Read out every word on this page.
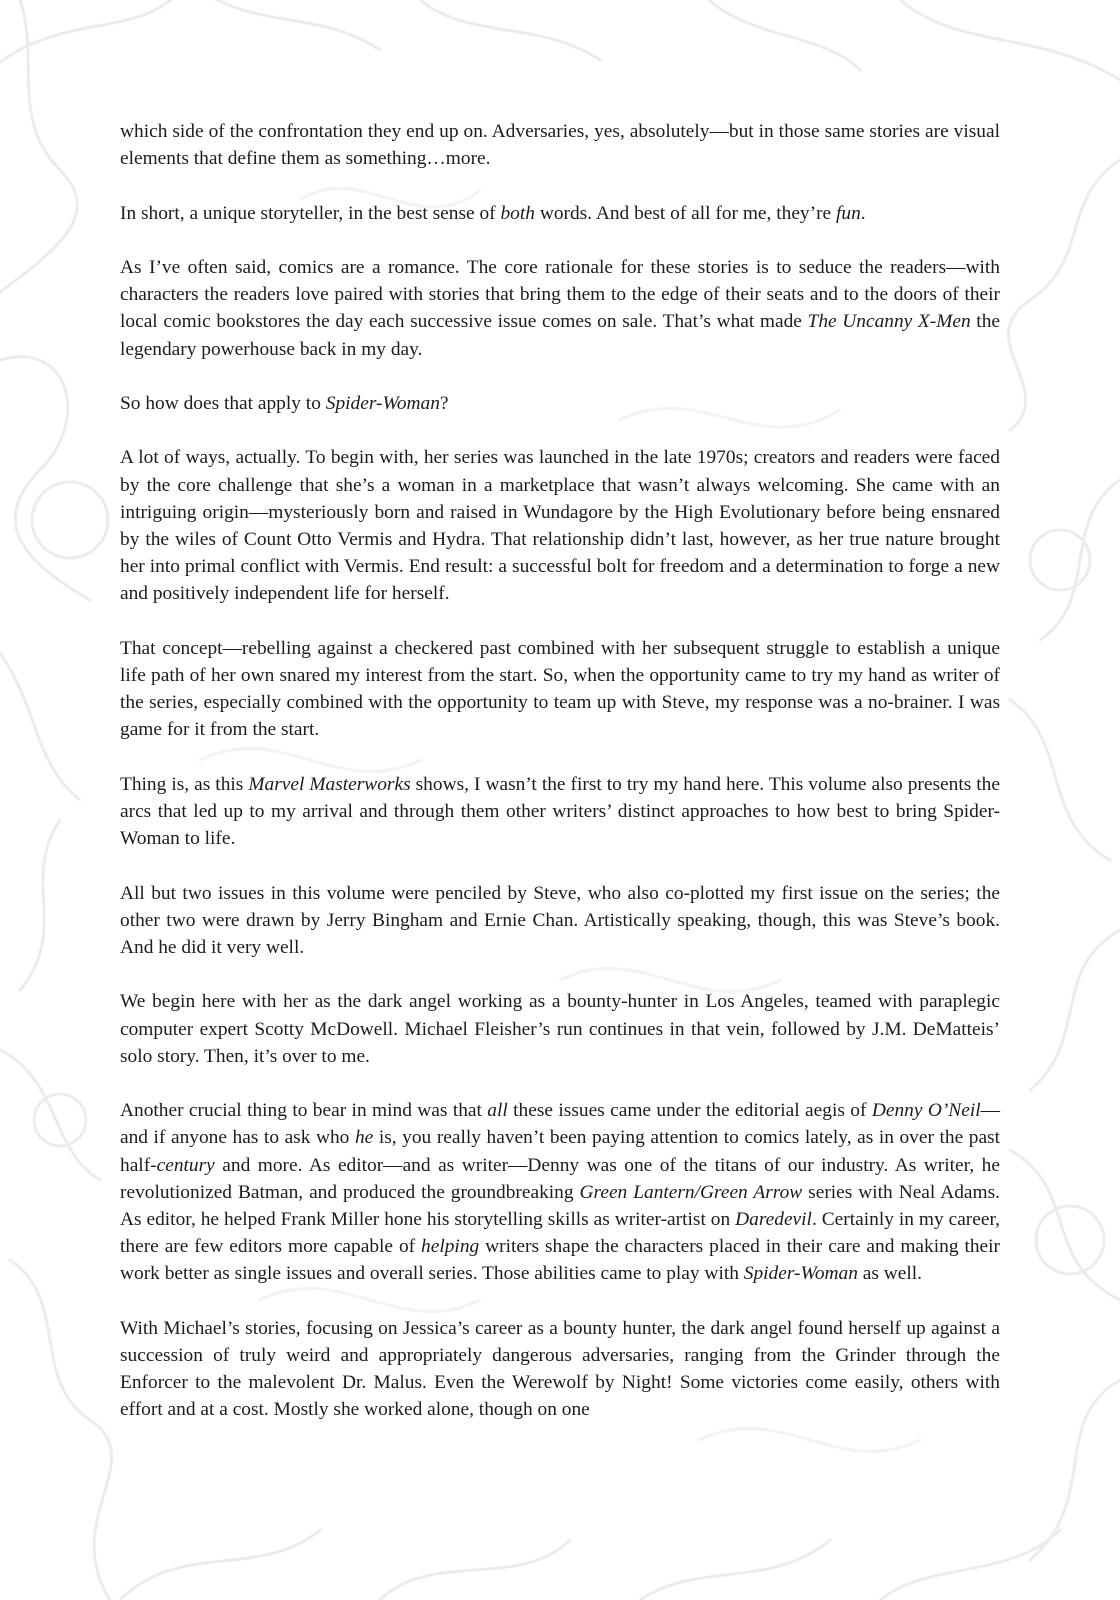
which side of the confrontation they end up on. Adversaries, yes, absolutely—but in those same stories are visual elements that define them as something…more.

In short, a unique storyteller, in the best sense of both words. And best of all for me, they’re fun.

As I’ve often said, comics are a romance. The core rationale for these stories is to seduce the readers—with characters the readers love paired with stories that bring them to the edge of their seats and to the doors of their local comic bookstores the day each successive issue comes on sale. That’s what made The Uncanny X-Men the legendary powerhouse back in my day.

So how does that apply to Spider-Woman?

A lot of ways, actually. To begin with, her series was launched in the late 1970s; creators and readers were faced by the core challenge that she’s a woman in a marketplace that wasn’t always welcoming. She came with an intriguing origin—mysteriously born and raised in Wundagore by the High Evolutionary before being ensnared by the wiles of Count Otto Vermis and Hydra. That relationship didn’t last, however, as her true nature brought her into primal conflict with Vermis. End result: a successful bolt for freedom and a determination to forge a new and positively independent life for herself.

That concept—rebelling against a checkered past combined with her subsequent struggle to establish a unique life path of her own snared my interest from the start. So, when the opportunity came to try my hand as writer of the series, especially combined with the opportunity to team up with Steve, my response was a no-brainer. I was game for it from the start.

Thing is, as this Marvel Masterworks shows, I wasn’t the first to try my hand here. This volume also presents the arcs that led up to my arrival and through them other writers’ distinct approaches to how best to bring Spider-Woman to life.

All but two issues in this volume were penciled by Steve, who also co-plotted my first issue on the series; the other two were drawn by Jerry Bingham and Ernie Chan. Artistically speaking, though, this was Steve’s book. And he did it very well.

We begin here with her as the dark angel working as a bounty-hunter in Los Angeles, teamed with paraplegic computer expert Scotty McDowell. Michael Fleisher’s run continues in that vein, followed by J.M. DeMatteis’ solo story. Then, it’s over to me.

Another crucial thing to bear in mind was that all these issues came under the editorial aegis of Denny O’Neil—and if anyone has to ask who he is, you really haven’t been paying attention to comics lately, as in over the past half-century and more. As editor—and as writer—Denny was one of the titans of our industry. As writer, he revolutionized Batman, and produced the groundbreaking Green Lantern/Green Arrow series with Neal Adams. As editor, he helped Frank Miller hone his storytelling skills as writer-artist on Daredevil. Certainly in my career, there are few editors more capable of helping writers shape the characters placed in their care and making their work better as single issues and overall series. Those abilities came to play with Spider-Woman as well.

With Michael’s stories, focusing on Jessica’s career as a bounty hunter, the dark angel found herself up against a succession of truly weird and appropriately dangerous adversaries, ranging from the Grinder through the Enforcer to the malevolent Dr. Malus. Even the Werewolf by Night! Some victories come easily, others with effort and at a cost. Mostly she worked alone, though on one
